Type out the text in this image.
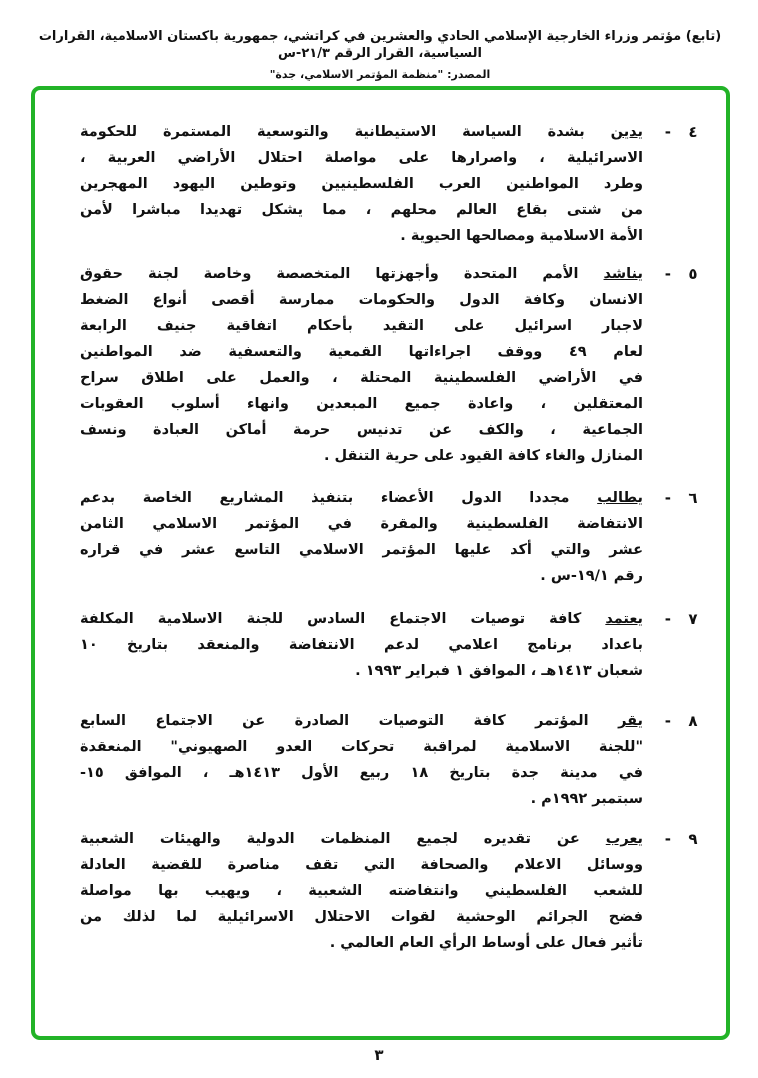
(تابع) مؤتمر وزراء الخارجية الإسلامي الحادي والعشرين في كراتشي، جمهورية باكستان الاسلامية، القرارات السياسية، القرار الرقم ٢١/٣-س
المصدر: "منظمة المؤتمر الاسلامي، جدة"
٤
-
يدين بشدة السياسة الاستيطانية والتوسعية المستمرة للحكومة
الاسرائيلية ، واصرارها على مواصلة احتلال الأراضي العربية ،
وطرد المواطنين العرب الفلسطينيين وتوطين اليهود المهجرين
من شتى بقاع العالم محلهم ، مما يشكل تهديدا مباشرا لأمن
الأمة الاسلامية ومصالحها الحيوية .
٥
-
يناشد الأمم المتحدة وأجهزتها المتخصصة وخاصة لجنة حقوق
الانسان وكافة الدول والحكومات ممارسة أقصى أنواع الضغط
لاجبار اسرائيل على التقيد بأحكام اتفاقية جنيف الرابعة
لعام ٤٩ ووقف اجراءاتها القمعية والتعسفية ضد المواطنين
في الأراضي الفلسطينية المحتلة ، والعمل على اطلاق سراح
المعتقلين ، واعادة جميع المبعدين وانهاء أسلوب العقوبات
الجماعية ، والكف عن تدنيس حرمة أماكن العبادة ونسف
المنازل والغاء كافة القيود على حرية التنقل .
٦
-
يطالب مجددا الدول الأعضاء بتنفيذ المشاريع الخاصة بدعم
الانتفاضة الفلسطينية والمقرة في المؤتمر الاسلامي الثامن
عشر والتي أكد عليها المؤتمر الاسلامي التاسع عشر في قراره
رقم ١٩/١-س .
٧
-
يعتمد كافة توصيات الاجتماع السادس للجنة الاسلامية المكلفة
باعداد برنامج اعلامي لدعم الانتفاضة والمنعقد بتاريخ ١٠
شعبان ١٤١٣هـ ، الموافق ١ فبراير ١٩٩٣ .
٨
-
يقر المؤتمر كافة التوصيات الصادرة عن الاجتماع السابع
"للجنة الاسلامية لمراقبة تحركات العدو الصهيوني" المنعقدة
في مدينة جدة بتاريخ ١٨ ربيع الأول ١٤١٣هـ ، الموافق ١٥-
سبتمبر ١٩٩٢م .
٩
-
يعرب عن تقديره لجميع المنظمات الدولية والهيئات الشعبية
ووسائل الاعلام والصحافة التي تقف مناصرة للقضية العادلة
للشعب الفلسطيني وانتفاضته الشعبية ، ويهيب بها مواصلة
فضح الجرائم الوحشية لقوات الاحتلال الاسرائيلية لما لذلك من
تأثير فعال على أوساط الرأي العام العالمي .
٣
